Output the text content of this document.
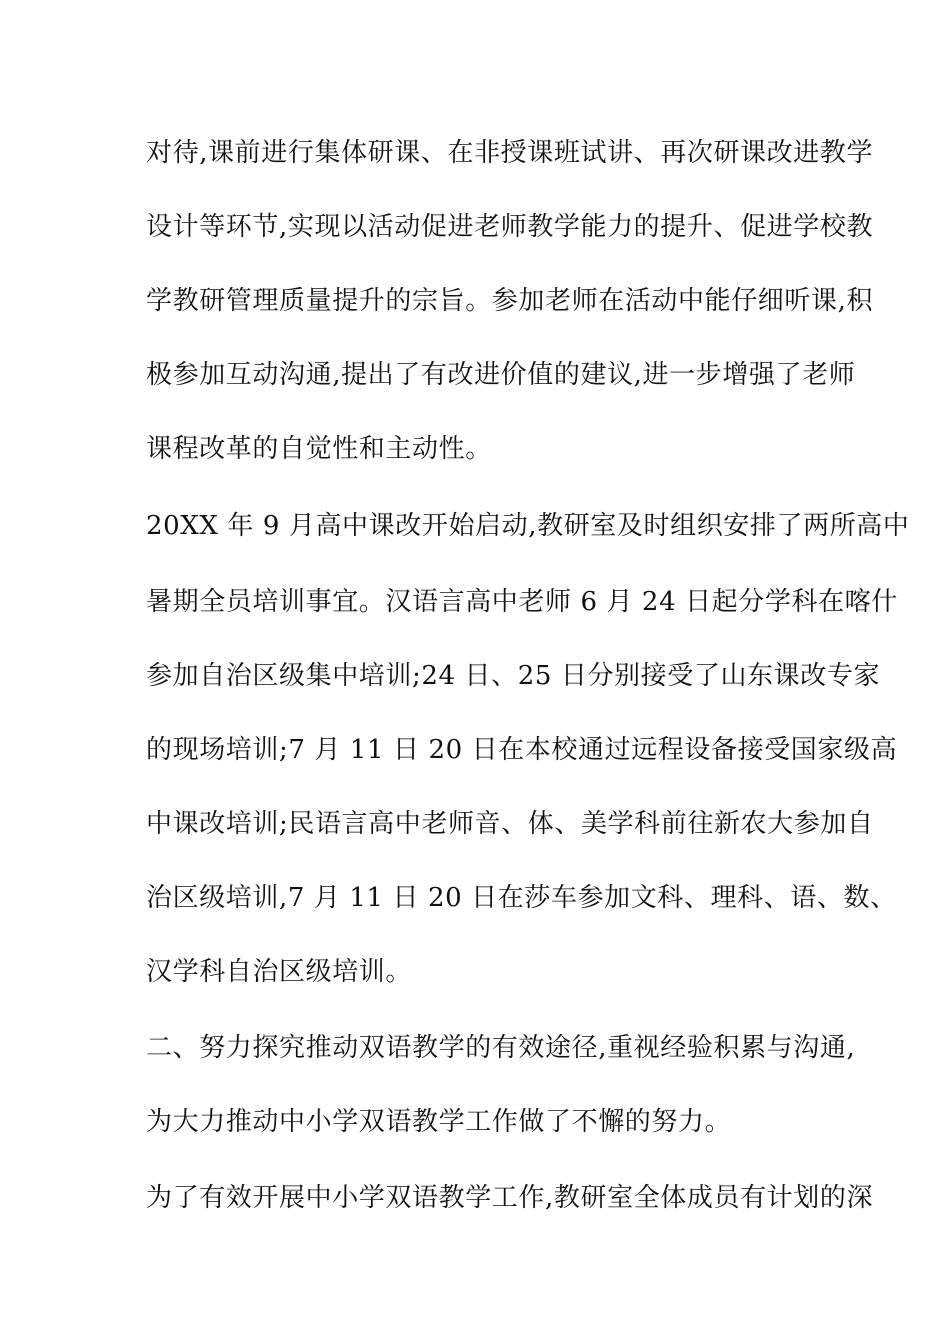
对待,课前进行集体研课、在非授课班试讲、再次研课改进教学
设计等环节,实现以活动促进老师教学能力的提升、促进学校教
学教研管理质量提升的宗旨。参加老师在活动中能仔细听课,积
极参加互动沟通,提出了有改进价值的建议,进一步增强了老师
课程改革的自觉性和主动性。
20XX 年 9 月高中课改开始启动,教研室及时组织安排了两所高中
暑期全员培训事宜。汉语言高中老师 6 月 24 日起分学科在喀什
参加自治区级集中培训;24 日、25 日分别接受了山东课改专家
的现场培训;7 月 11 日 20 日在本校通过远程设备接受国家级高
中课改培训;民语言高中老师音、体、美学科前往新农大参加自
治区级培训,7 月 11 日 20 日在莎车参加文科、理科、语、数、
汉学科自治区级培训。
二、努力探究推动双语教学的有效途径,重视经验积累与沟通,
为大力推动中小学双语教学工作做了不懈的努力。
为了有效开展中小学双语教学工作,教研室全体成员有计划的深
